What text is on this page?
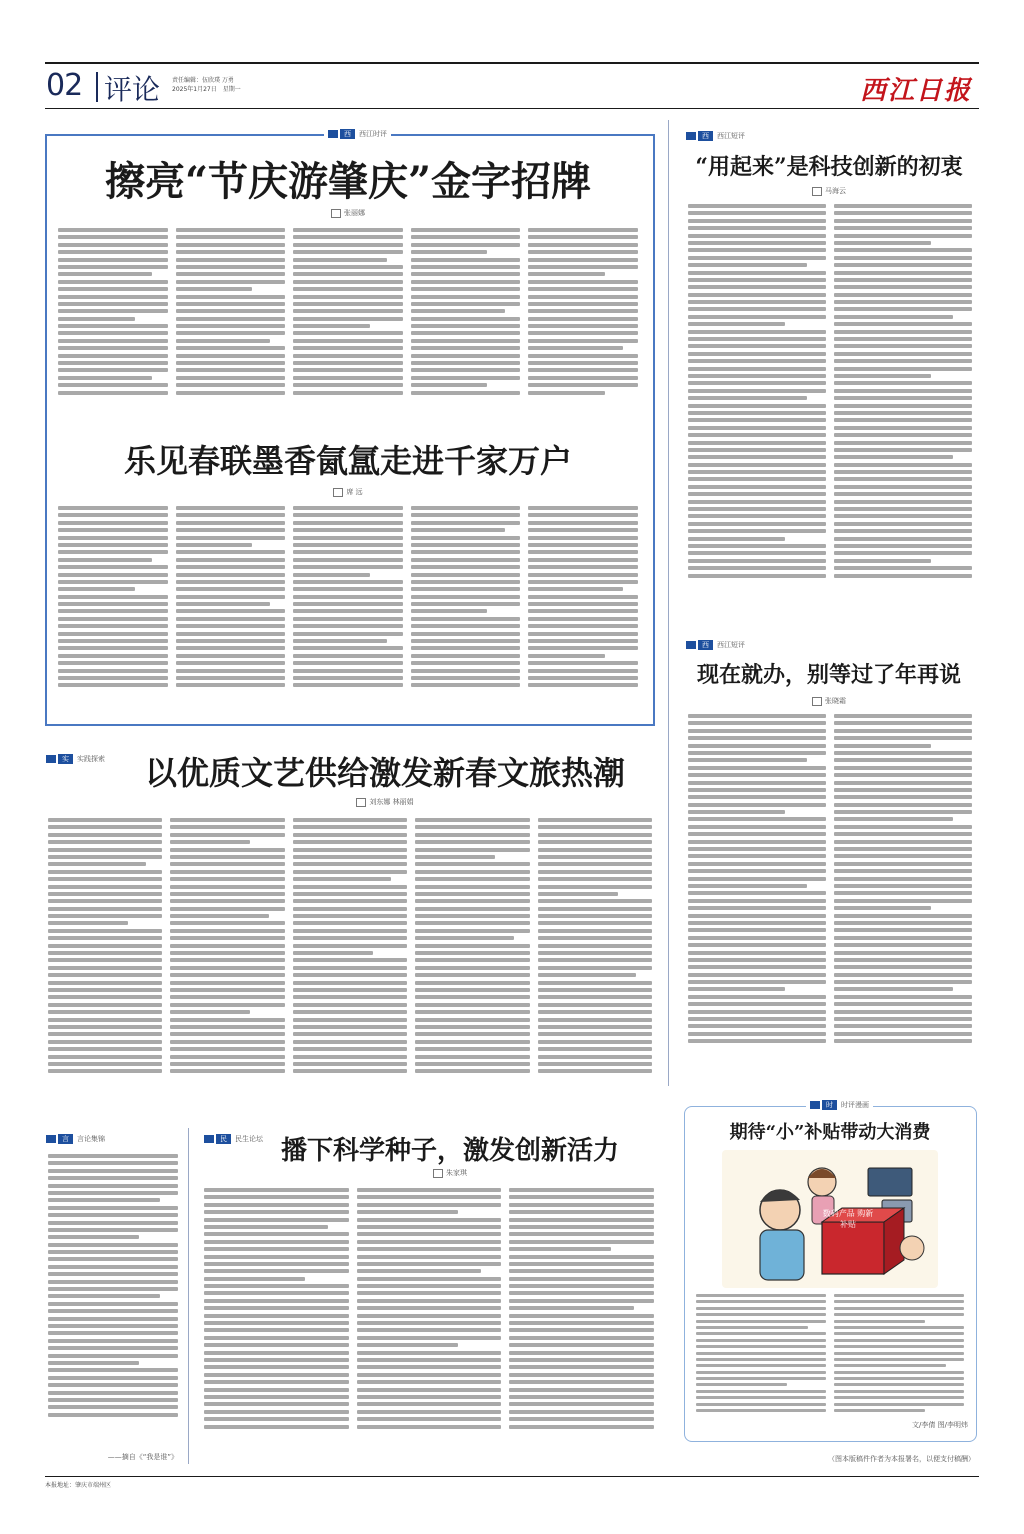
02 评论 责任编辑：伍欣璞 万勇
2025年1月27日　星期一	西江日报
西	西江时评
擦亮“节庆游肇庆”金字招牌
张丽娜
乐见春联墨香氤氲走进千家万户
席 远
西	西江短评
“用起来”是科技创新的初衷
马海云
西	西江短评
现在就办，别等过了年再说
张晓霜
实	实践探索	以优质文艺供给激发新春文旅热潮
刘东娜 林丽娟
言	言论集锦
——摘自《“我是谁”》
民	民生论坛 播下科学种子，激发创新活力
朱家琪
时	时评漫画
期待“小”补贴带动大消费
数码产品 购新补贴
文/李倩 图/李明炜
（图本版稿件作者为本报署名，以便支付稿酬）
本报地址：肇庆市端州区
